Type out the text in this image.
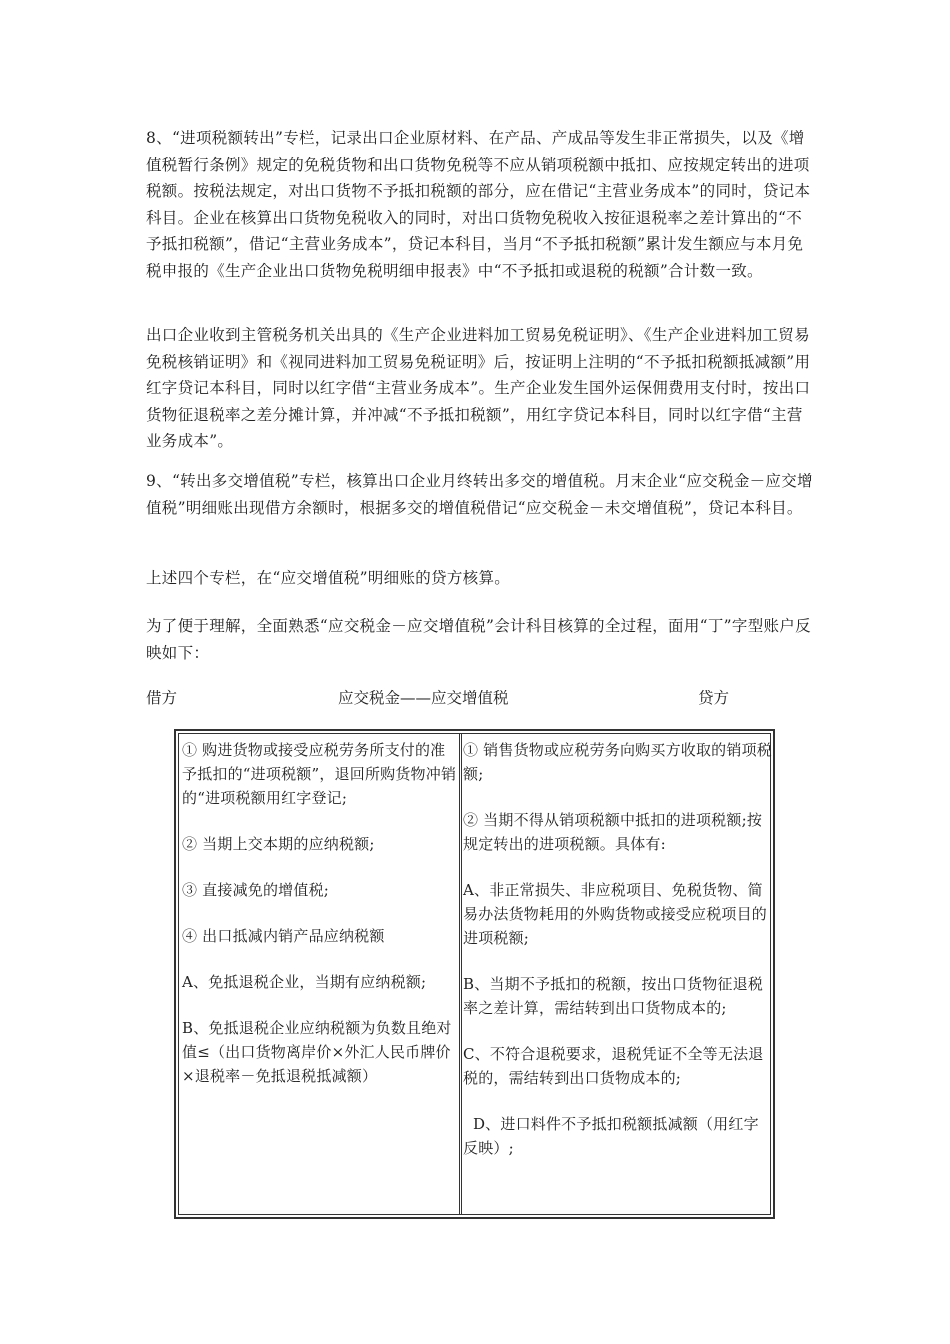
8、“进项税额转出”专栏，记录出口企业原材料、在产品、产成品等发生非正常损失，以及《增值税暂行条例》规定的免税货物和出口货物免税等不应从销项税额中抵扣、应按规定转出的进项税额。按税法规定，对出口货物不予抵扣税额的部分，应在借记“主营业务成本”的同时，贷记本科目。企业在核算出口货物免税收入的同时，对出口货物免税收入按征退税率之差计算出的“不予抵扣税额”，借记“主营业务成本”，贷记本科目，当月“不予抵扣税额”累计发生额应与本月免税申报的《生产企业出口货物免税明细申报表》中“不予抵扣或退税的税额”合计数一致。

出口企业收到主管税务机关出具的《生产企业进料加工贸易免税证明》、《生产企业进料加工贸易免税核销证明》和《视同进料加工贸易免税证明》后，按证明上注明的“不予抵扣税额抵减额”用红字贷记本科目，同时以红字借“主营业务成本”。生产企业发生国外运保佣费用支付时，按出口货物征退税率之差分摊计算，并冲减“不予抵扣税额”，用红字贷记本科目，同时以红字借“主营业务成本”。

9、“转出多交增值税”专栏，核算出口企业月终转出多交的增值税。月末企业“应交税金－应交增值税”明细账出现借方余额时，根据多交的增值税借记“应交税金－未交增值税”，贷记本科目。

上述四个专栏，在“应交增值税”明细账的贷方核算。

为了便于理解，全面熟悉“应交税金－应交增值税”会计科目核算的全过程，面用“丁”字型账户反映如下：

借方	应交税金——应交增值税	贷方

① 购进货物或接受应税劳务所支付的准予抵扣的“进项税额”，退回所购货物冲销的“进项税额用红字登记;

② 当期上交本期的应纳税额;

③ 直接减免的增值税;

④ 出口抵减内销产品应纳税额

A、免抵退税企业，当期有应纳税额;

B、免抵退税企业应纳税额为负数且绝对值≤（出口货物离岸价×外汇人民币牌价×退税率－免抵退税抵减额）

① 销售货物或应税劳务向购买方收取的销项税额;

② 当期不得从销项税额中抵扣的进项税额;按规定转出的进项税额。具体有:

A、非正常损失、非应税项目、免税货物、简易办法货物耗用的外购货物或接受应税项目的进项税额;

B、当期不予抵扣的税额，按出口货物征退税率之差计算，需结转到出口货物成本的;

C、不符合退税要求，退税凭证不全等无法退税的，需结转到出口货物成本的;

D、进口料件不予抵扣税额抵减额（用红字反映）;
